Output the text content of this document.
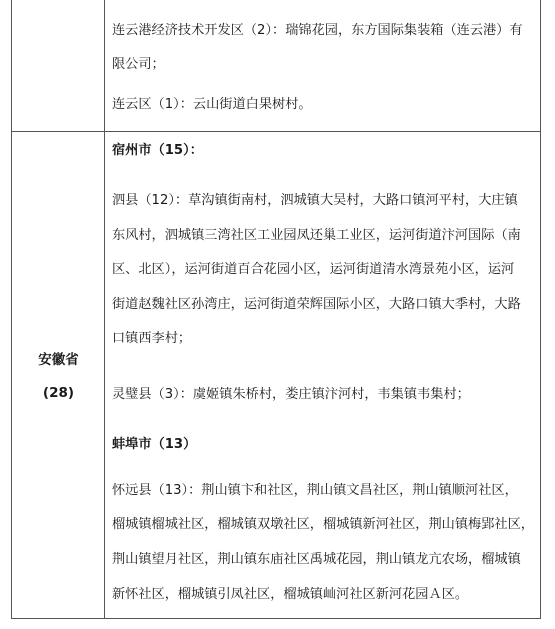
连云港经济技术开发区（2）：瑞锦花园，东方国际集装箱（连云港）有
限公司；
连云区（1）：云山街道白果树村。
安徽省
(28)
宿州市（15）：
泗县（12）：草沟镇街南村，泗城镇大吴村，大路口镇河平村，大庄镇
东风村，泗城镇三湾社区工业园凤还巢工业区，运河街道汴河国际（南
区、北区），运河街道百合花园小区，运河街道清水湾景苑小区，运河
街道赵魏社区孙湾庄，运河街道荣辉国际小区，大路口镇大季村，大路
口镇西李村；
灵璧县（3）：虞姬镇朱桥村，娄庄镇汴河村，韦集镇韦集村；
蚌埠市（13）
怀远县（13）：荆山镇卞和社区，荆山镇文昌社区，荆山镇顺河社区，
榴城镇榴城社区，榴城镇双墩社区，榴城镇新河社区，荆山镇梅郢社区，
荆山镇望月社区，荆山镇东庙社区禹城花园，荆山镇龙亢农场，榴城镇
新怀社区，榴城镇引凤社区，榴城镇屾河社区新河花园Ａ区。
